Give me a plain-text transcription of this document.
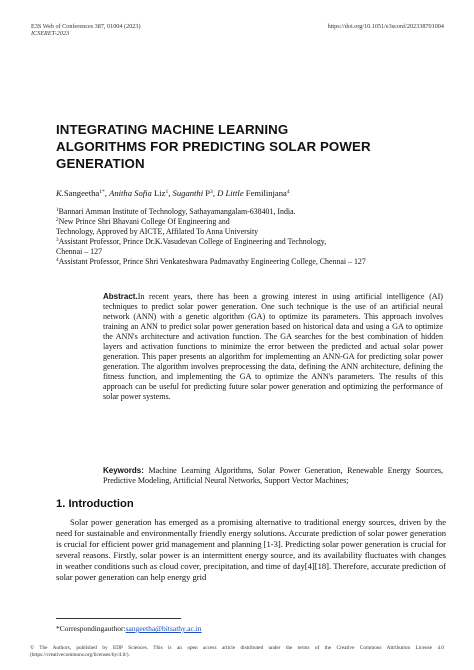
E3S Web of Conferences 387, 01004 (2023)
ICSERET-2023
https://doi.org/10.1051/e3sconf/202338701004
INTEGRATING MACHINE LEARNING ALGORITHMS FOR PREDICTING SOLAR POWER GENERATION
K.Sangeetha$^{1*}$, Anitha Sofia Liz$^1$, Suganthi $P^3$, D Little Femilinjana$^4$
$^1$Bannari Amman Institute of Technology, Sathayamangalam-638401, India.
$^2$New Prince Shri Bhavani College Of Engineering and
Technology, Approved by AICTE, Affilated To Anna University
$^3$Assistant Professor, Prince Dr.K.Vasudevan College of Engineering and Technology,
Chennai – 127
$^4$Assistant Professor, Prince Shri Venkateshwara Padmavathy Engineering College, Chennai – 127
Abstract.In recent years, there has been a growing interest in using artificial intelligence (AI) techniques to predict solar power generation. One such technique is the use of an artificial neural network (ANN) with a genetic algorithm (GA) to optimize its parameters. This approach involves training an ANN to predict solar power generation based on historical data and using a GA to optimize the ANN's architecture and activation function. The GA searches for the best combination of hidden layers and activation functions to minimize the error between the predicted and actual solar power generation. This paper presents an algorithm for implementing an ANN-GA for predicting solar power generation. The algorithm involves preprocessing the data, defining the ANN architecture, defining the fitness function, and implementing the GA to optimize the ANN's parameters. The results of this approach can be useful for predicting future solar power generation and optimizing the performance of solar power systems.
Keywords: Machine Learning Algorithms, Solar Power Generation, Renewable Energy Sources, Predictive Modeling, Artificial Neural Networks, Support Vector Machines;
1. Introduction
Solar power generation has emerged as a promising alternative to traditional energy sources, driven by the need for sustainable and environmentally friendly energy solutions. Accurate prediction of solar power generation is crucial for efficient power grid management and planning [1-3]. Predicting solar power generation is crucial for several reasons. Firstly, solar power is an intermittent energy source, and its availability fluctuates with changes in weather conditions such as cloud cover, precipitation, and time of day[4][18]. Therefore, accurate prediction of solar power generation can help energy grid
*Correspondingauthor:sangeetha@bitsathy.ac.in
© The Authors, published by EDP Sciences. This is an open access article distributed under the terms of the Creative Commons Attribution License 4.0 (https://creativecommons.org/licenses/by/4.0/).
